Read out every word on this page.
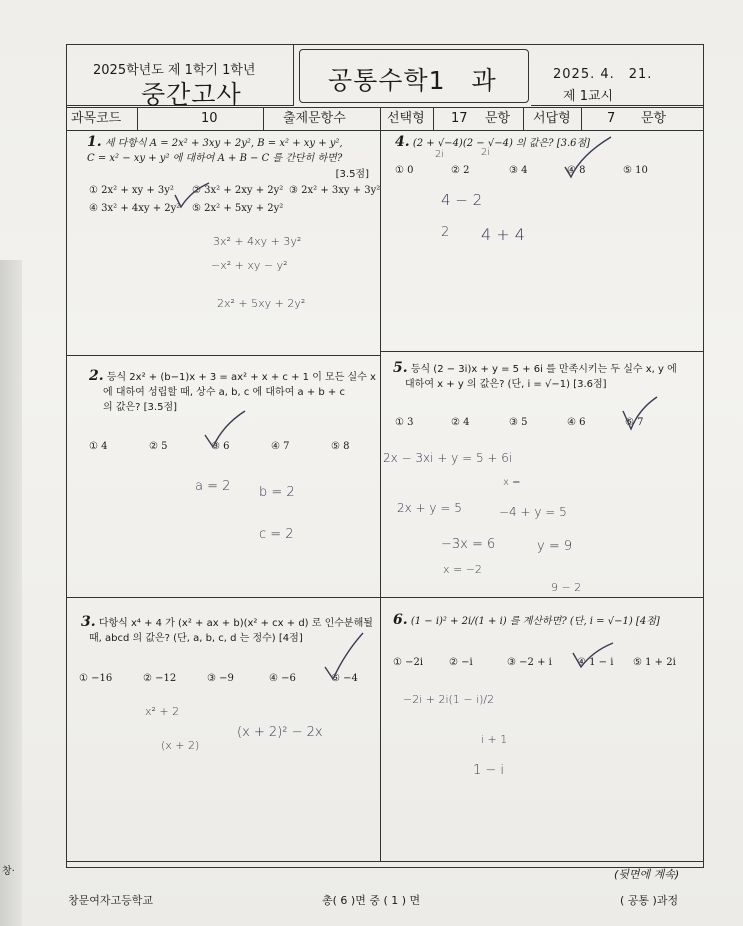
창·
2025학년도 제 1학기 1학년
중간고사	공통수학1　과	2025. 4.　21.
제 1교시
과목코드	10	출제문항수	선택형 17 문항 서답형	7 문항
1. 세 다항식 A = 2x² + 3xy + 2y², B = x² + xy + y²,
C = x² − xy + y² 에 대하여 A + B − C 를 간단히 하면?

[3.5점]
① 2x² + xy + 3y² ② 3x² + 2xy + 2y² ③ 2x² + 3xy + 3y²
④ 3x² + 4xy + 2y² ⑤ 2x² + 5xy + 2y²
3x² + 4xy + 3y²
−x² + xy − y²
2x² + 5xy + 2y²
2. 등식 2x² + (b−1)x + 3 = ax² + x + c + 1 이 모든 실수 x
에 대하여 성립할 때, 상수 a, b, c 에 대하여 a + b + c
의 값은? [3.5점]
① 4	② 5	③ 6	④ 7	⑤ 8
a = 2 b = 2
c = 2
3. 다항식 x⁴ + 4 가 (x² + ax + b)(x² + cx + d) 로 인수분해될
때, abcd 의 값은? (단, a, b, c, d 는 정수) [4점]
① −16	② −12	③ −9	④ −6	⑤ −4
x² + 2
(x + 2)
(x + 2)² − 2x
4. (2 + √−4)(2 − √−4) 의 값은? [3.6점]
2i	2i
① 0	② 2	③ 4	④ 8	⑤ 10
4 − 2
2 4 + 4
5. 등식 (2 − 3i)x + y = 5 + 6i 를 만족시키는 두 실수 x, y 에
대하여 x + y 의 값은? (단, i = √−1) [3.6점]
① 3	② 4	③ 5	④ 6	⑤ 7
2x − 3xi + y = 5 + 6i
x =
2x + y = 5	−4 + y = 5
−3x = 6	y = 9
x = −2
9 − 2
6. (1 − i)² + 2i/(1 + i) 를 계산하면? (단, i = √−1) [4점]
① −2i	② −i	③ −2 + i	④ 1 − i ⑤ 1 + 2i
−2i + 2i(1 − i)/2
i + 1
1 − i
(뒷면에 계속)
창문여자고등학교	총( 6 )면 중 ( 1 ) 면	( 공통 )과정
